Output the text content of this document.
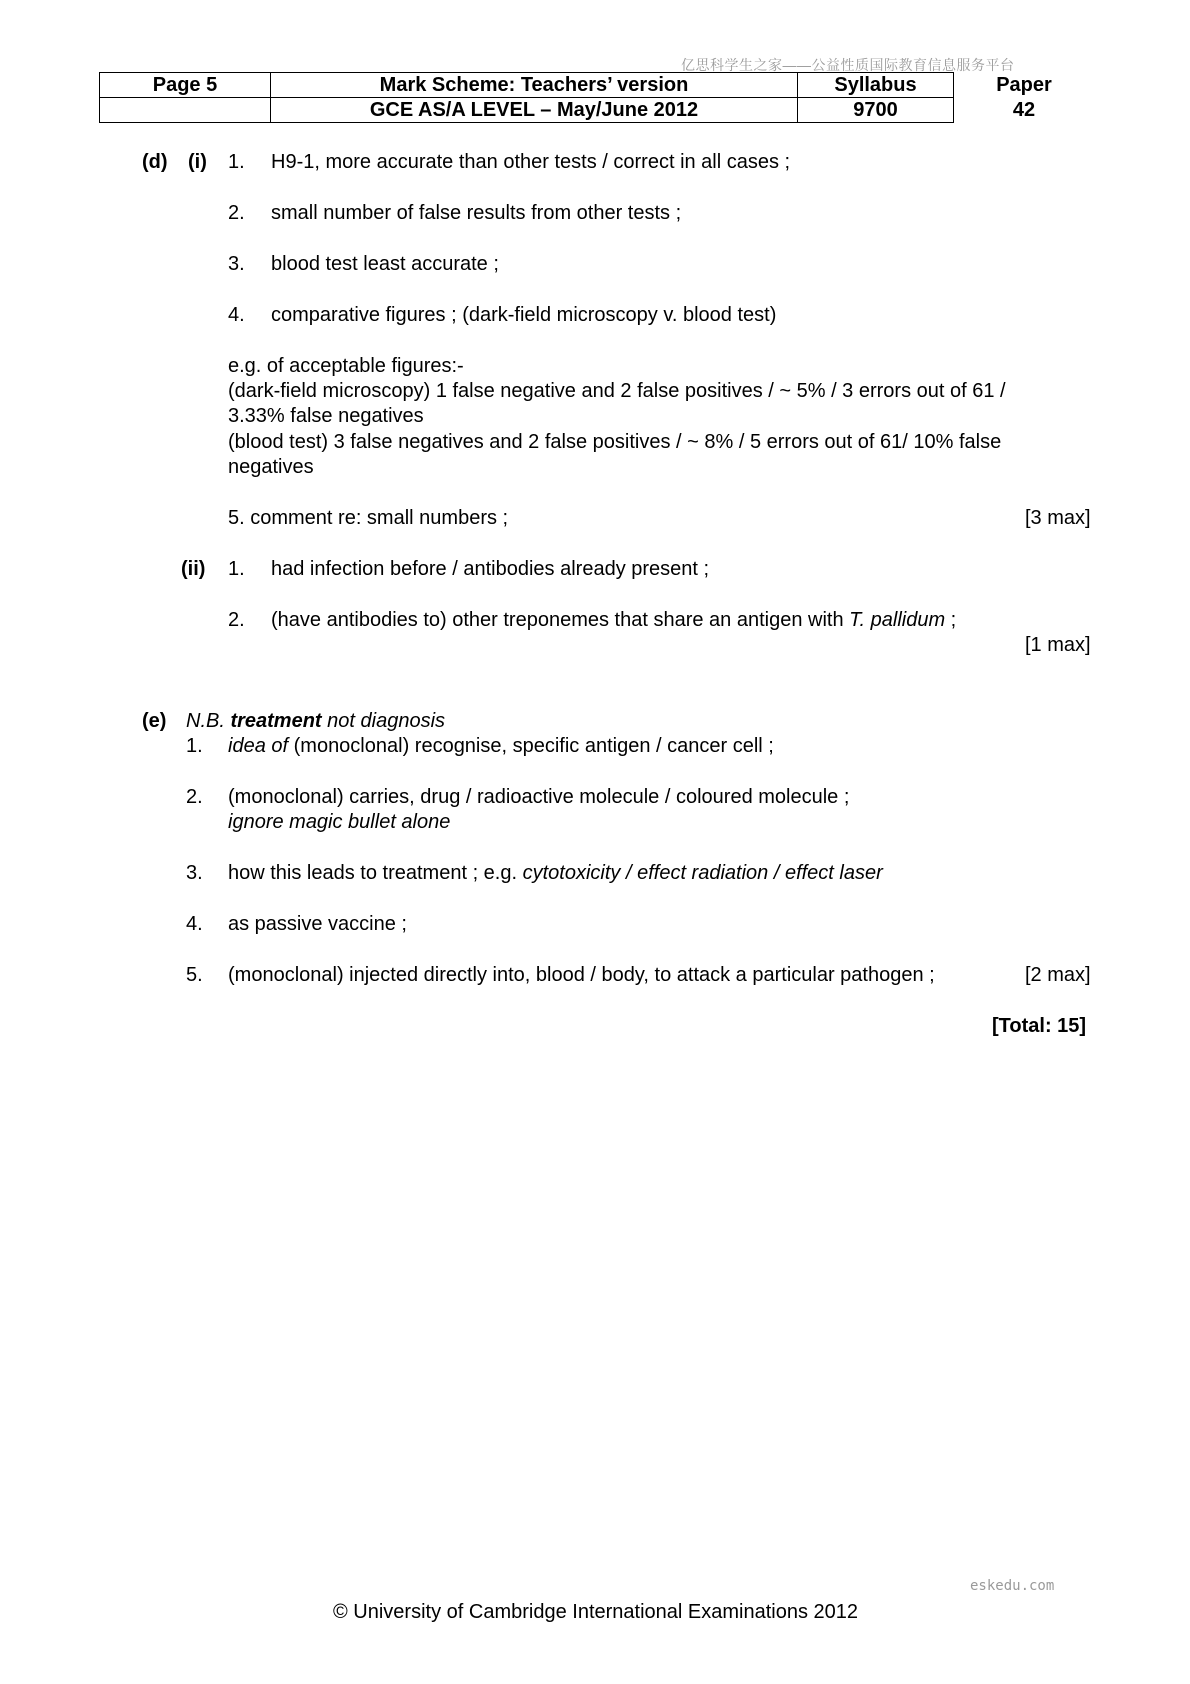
亿思科学生之家——公益性质国际教育信息服务平台
Page 5	Mark Scheme: Teachers’ version	Syllabus	Paper
	GCE AS/A LEVEL – May/June 2012	9700	42
(d) (i) 1. H9-1, more accurate than other tests / correct in all cases ;
2. small number of false results from other tests ;
3. blood test least accurate ;
4. comparative figures ; (dark-field microscopy v. blood test)
e.g. of acceptable figures:-
(dark-field microscopy) 1 false negative and 2 false positives / ~ 5% / 3 errors out of 61 /
3.33% false negatives
(blood test) 3 false negatives and 2 false positives / ~ 8% / 5 errors out of 61/ 10% false
negatives
5. comment re: small numbers ;	[3 max]
(ii) 1. had infection before / antibodies already present ;
2. (have antibodies to) other treponemes that share an antigen with T. pallidum ;
[1 max]
(e) N.B. treatment not diagnosis
1. idea of (monoclonal) recognise, specific antigen / cancer cell ;
2. (monoclonal) carries, drug / radioactive molecule / coloured molecule ;
ignore magic bullet alone
3. how this leads to treatment ; e.g. cytotoxicity / effect radiation / effect laser
4. as passive vaccine ;
5. (monoclonal) injected directly into, blood / body, to attack a particular pathogen ;	[2 max]
[Total: 15]
eskedu.com
© University of Cambridge International Examinations 2012
